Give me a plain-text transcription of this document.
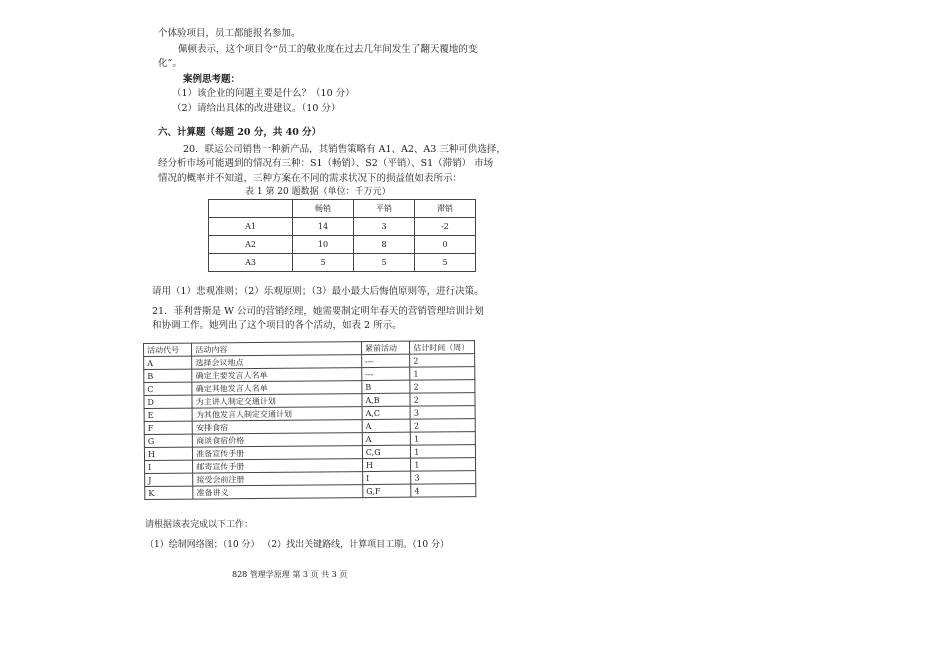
个体验项目，员工都能报名参加。
佩顿表示，这个项目令“员工的敬业度在过去几年间发生了翻天覆地的变
化”。
案例思考题：
（1）该企业的问题主要是什么？（10 分）
（2）请给出具体的改进建议。（10 分）
六、计算题（每题 20 分，共 40 分）
20．联运公司销售一种新产品，其销售策略有 A1、A2、A3 三种可供选择，
经分析市场可能遇到的情况有三种：S1（畅销）、S2（平销）、S1（滞销） 市场
情况的概率并不知道，三种方案在不同的需求状况下的损益值如表所示：
表 1 第 20 题数据（单位：千万元）
	畅销	平销	滞销
A1	14	3	-2
A2	10	8	0
A3	5	5	5
请用（1）悲观准则；（2）乐观原则；（3）最小最大后悔值原则等，进行决策。
21．菲利普斯是 W 公司的营销经理，她需要制定明年春天的营销管理培训计划
和协调工作。她列出了这个项目的各个活动，如表 2 所示。
活动代号	活动内容	紧前活动	估计时间（周）
A	选择会议地点	---	2
B	确定主要发言人名单	---	1
C	确定其他发言人名单	B	2
D	为主讲人制定交通计划	A,B	2
E	为其他发言人制定交通计划	A,C	3
F	安排食宿	A	2
G	商谈食宿价格	A	1
H	准备宣传手册	C,G	1
I	邮寄宣传手册	H	1
J	接受会前注册	I	3
K	准备讲义	G,F	4
请根据该表完成以下工作：
（1）绘制网络图；（10 分） （2）找出关键路线，计算项目工期。（10 分）
828 管理学原理 第 3 页 共 3 页
